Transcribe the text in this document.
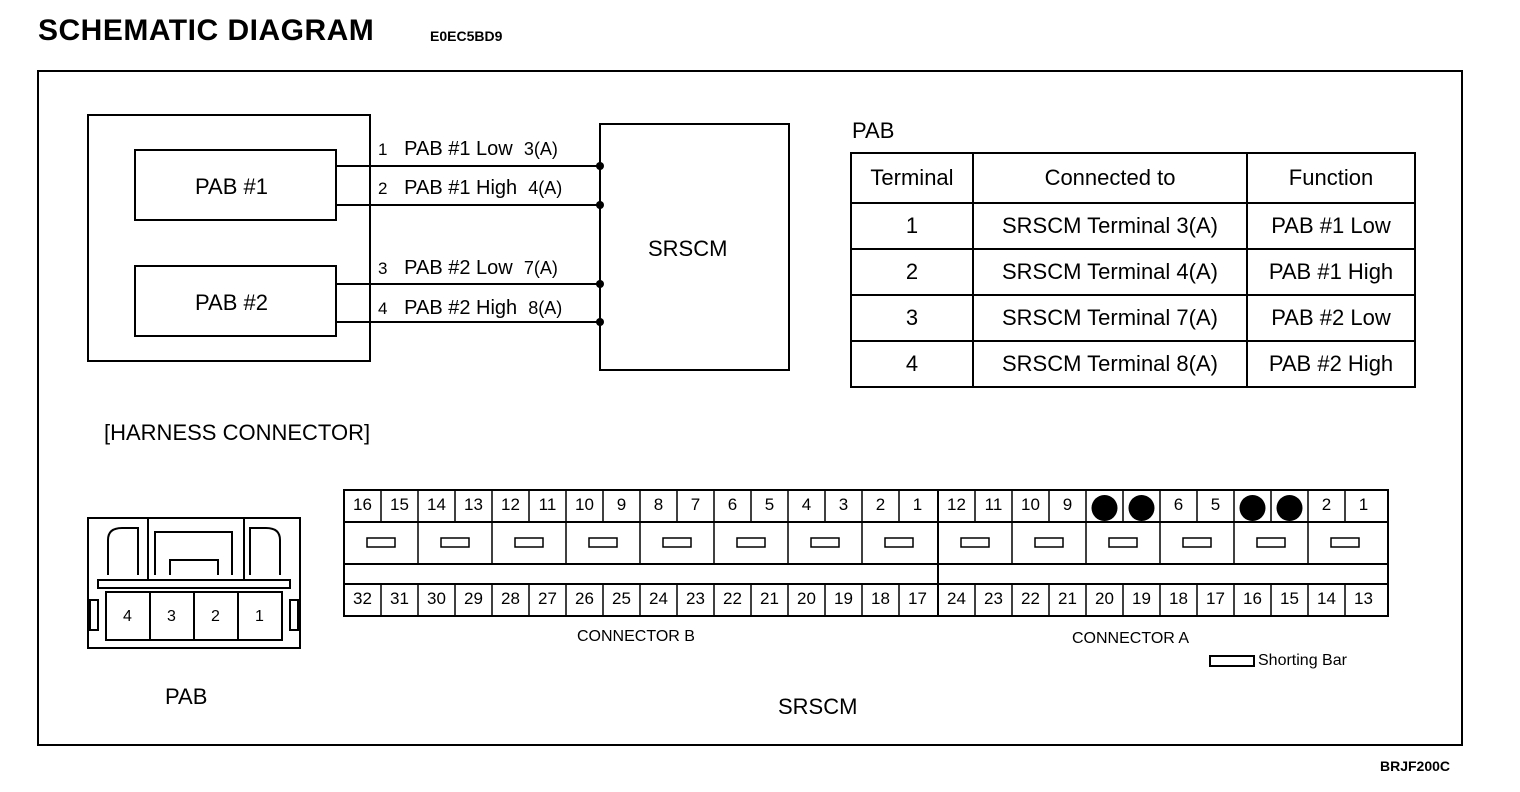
SCHEMATIC DIAGRAM	E0EC5BD9
PAB #1
PAB #2
SRSCM
1 PAB #1 Low 3(A)
2 PAB #1 High 4(A)
3 PAB #2 Low 7(A)
4 PAB #2 High 8(A)
PAB
Terminal	Connected to	Function
1	SRSCM Terminal 3(A)	PAB #1 Low
2	SRSCM Terminal 4(A)	PAB #1 High
3	SRSCM Terminal 7(A)	PAB #2 Low
4	SRSCM Terminal 8(A)	PAB #2 High
[HARNESS CONNECTOR]
4 3 2 1
PAB
CONNECTOR B	CONNECTOR A
Shorting Bar
SRSCM
16 15 14 13 12 11 10	9	8	7	6	5	4	3	2	1
32 31 30 29 28 27 26 25 24 23 22 21 20 19 18 17
12 11 10	9	6	5	2	1
24 23 22 21 20 19 18 17 16 15 14 13
BRJF200C
